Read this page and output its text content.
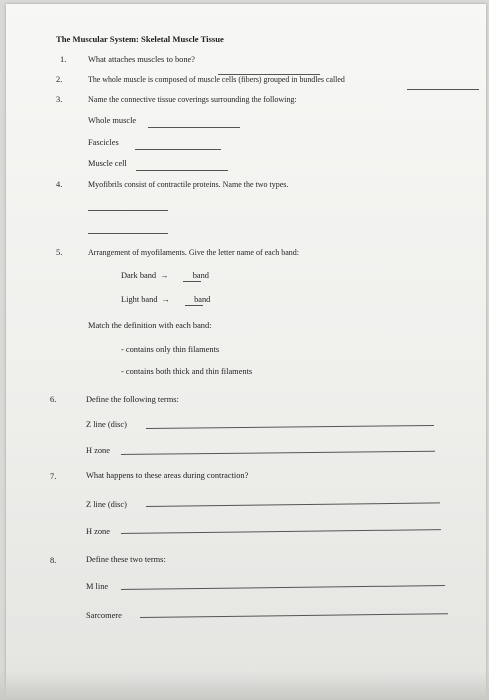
The Muscular System: Skeletal Muscle Tissue
1.	What attaches muscles to bone?
2.	The whole muscle is composed of muscle cells (fibers) grouped in bundles called
3.	Name the connective tissue coverings surrounding the following:
Whole muscle
Fascicles
Muscle cell
4.	Myofibrils consist of contractile proteins. Name the two types.
5.	Arrangement of myofilaments. Give the letter name of each band:
Dark band →	band
Light band →	band
Match the definition with each band:
- contains only thin filaments
- contains both thick and thin filaments
6.	Define the following terms:
Z line (disc)
H zone
7.	What happens to these areas during contraction?
Z line (disc)
H zone
8.	Define these two terms:
M line
Sarcomere
